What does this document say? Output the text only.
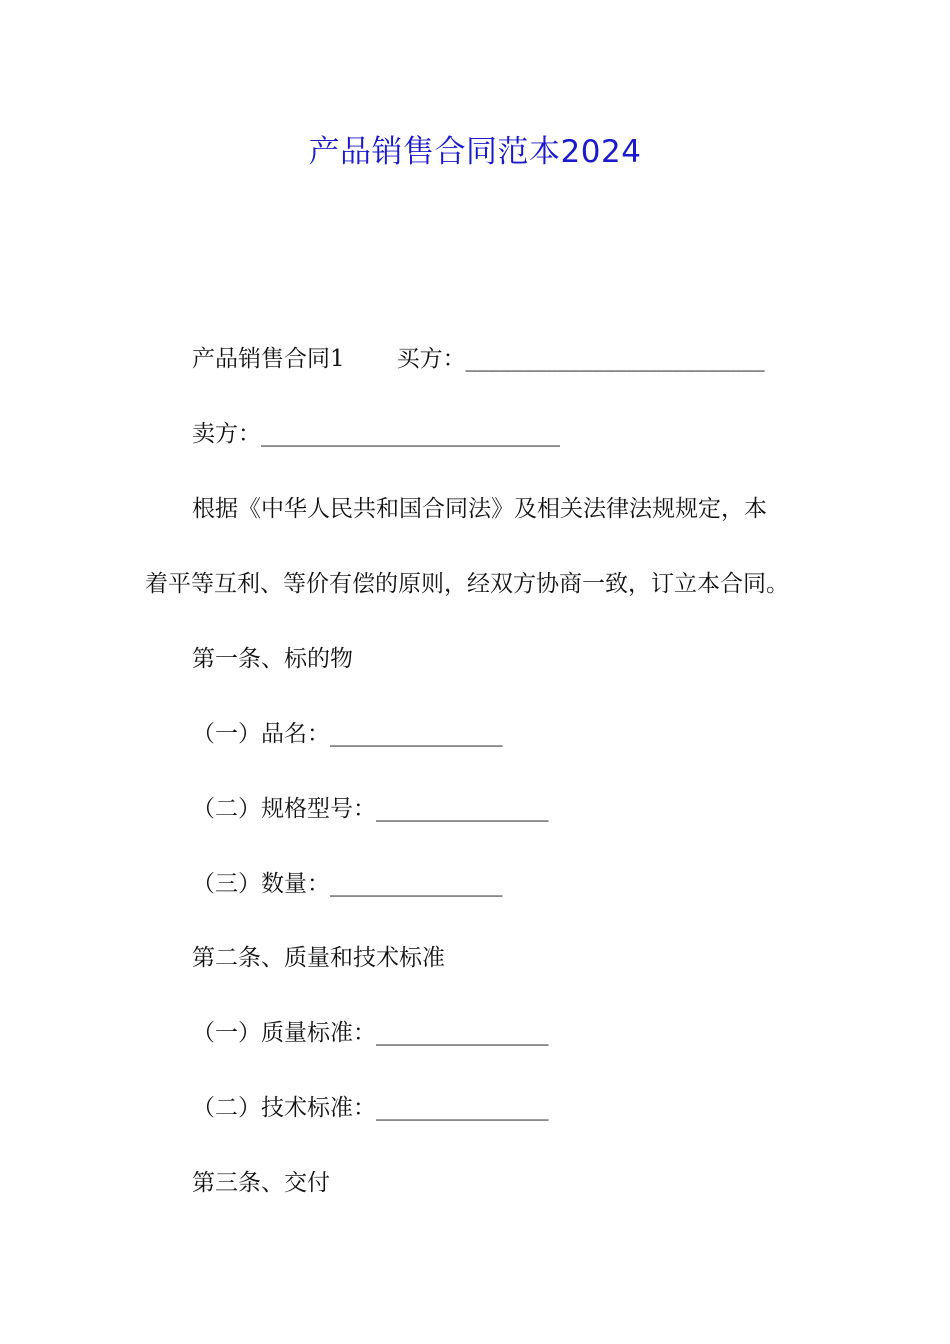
产品销售合同范本2024
产品销售合同1 买方：__________________________
卖方：__________________________
根据《中华人民共和国合同法》及相关法律法规规定，本
着平等互利、等价有偿的原则，经双方协商一致，订立本合同。
第一条、标的物
（一）品名：_______________
（二）规格型号：_______________
（三）数量：_______________
第二条、质量和技术标准
（一）质量标准：_______________
（二）技术标准：_______________
第三条、交付
